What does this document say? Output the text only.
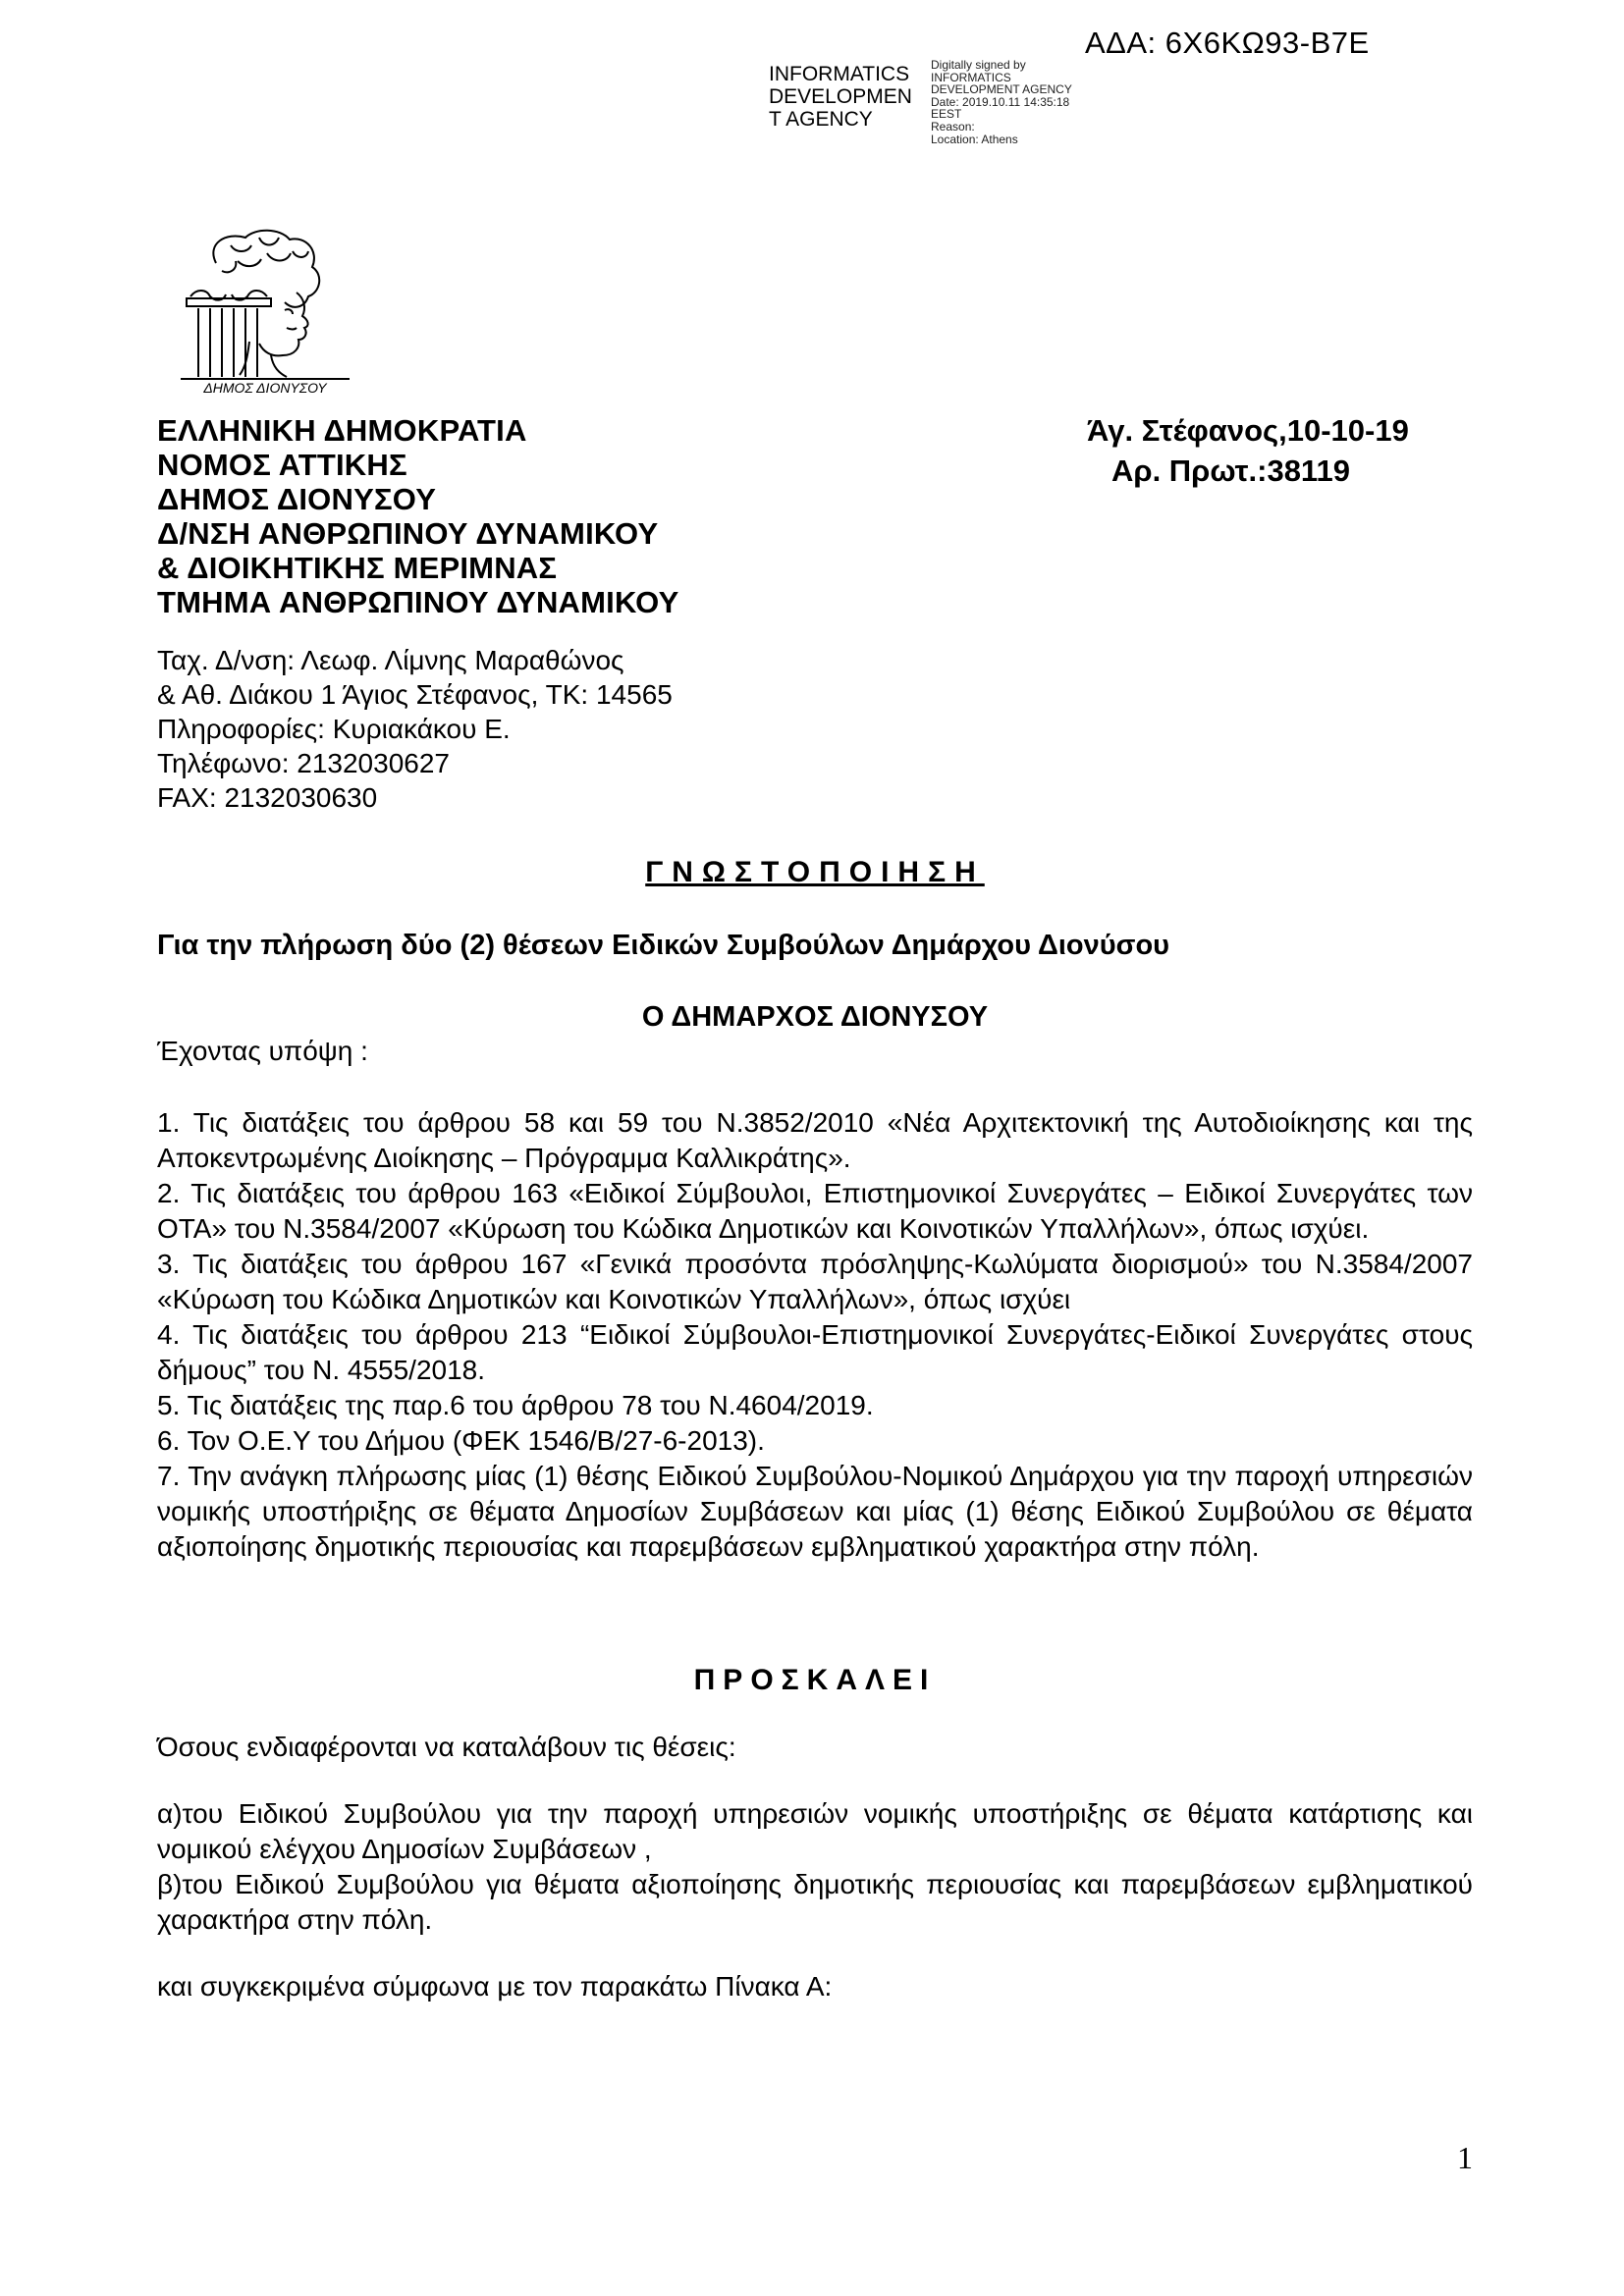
ΑΔΑ: 6Χ6ΚΩ93-Β7Ε
INFORMATICS
DEVELOPMEN
T AGENCY
Digitally signed by
INFORMATICS
DEVELOPMENT AGENCY
Date: 2019.10.11 14:35:18
EEST
Reason:
Location: Athens
ΔΗΜΟΣ ΔΙΟΝΥΣΟΥ
ΕΛΛΗΝΙΚΗ ΔΗΜΟΚΡΑΤΙΑ
ΝΟΜΟΣ ΑΤΤΙΚΗΣ
ΔΗΜΟΣ ΔΙΟΝΥΣΟΥ
Δ/ΝΣΗ ΑΝΘΡΩΠΙΝΟΥ ΔΥΝΑΜΙΚΟΥ
& ΔΙΟΙΚΗΤΙΚΗΣ ΜΕΡΙΜΝΑΣ
ΤΜΗΜΑ ΑΝΘΡΩΠΙΝΟΥ ΔΥΝΑΜΙΚΟΥ
Ταχ. Δ/νση: Λεωφ. Λίμνης Μαραθώνος
& Αθ. Διάκου 1 Άγιος Στέφανος, ΤΚ: 14565
Πληροφορίες: Κυριακάκου Ε.
Τηλέφωνο: 2132030627
FAX: 2132030630
Άγ. Στέφανος,10-10-19
Αρ. Πρωτ.:38119
ΓΝΩΣΤΟΠΟΙΗΣΗ
Για την πλήρωση δύο (2) θέσεων Ειδικών Συμβούλων Δημάρχου Διονύσου
Ο ΔΗΜΑΡΧΟΣ ΔΙΟΝΥΣΟΥ
Έχοντας υπόψη :

1. Τις διατάξεις του άρθρου 58 και 59 του Ν.3852/2010 «Νέα Αρχιτεκτονική της Αυτοδιοίκησης και της Αποκεντρωμένης Διοίκησης – Πρόγραμμα Καλλικράτης».

2. Τις διατάξεις του άρθρου 163 «Ειδικοί Σύμβουλοι, Επιστημονικοί Συνεργάτες – Ειδικοί Συνεργάτες των ΟΤΑ» του Ν.3584/2007 «Κύρωση του Κώδικα Δημοτικών και Κοινοτικών Υπαλλήλων», όπως ισχύει.

3. Τις διατάξεις του άρθρου 167 «Γενικά προσόντα πρόσληψης-Κωλύματα διορισμού» του Ν.3584/2007 «Κύρωση του Κώδικα Δημοτικών και Κοινοτικών Υπαλλήλων», όπως ισχύει

4. Τις διατάξεις του άρθρου 213 “Ειδικοί Σύμβουλοι-Επιστημονικοί Συνεργάτες-Ειδικοί Συνεργάτες στους δήμους” του Ν. 4555/2018.

5. Τις διατάξεις της παρ.6 του άρθρου 78 του Ν.4604/2019.

6. Τον Ο.Ε.Υ του Δήμου (ΦΕΚ 1546/Β/27-6-2013).

7. Την ανάγκη πλήρωσης μίας (1) θέσης Ειδικού Συμβούλου-Νομικού Δημάρχου για την παροχή υπηρεσιών νομικής υποστήριξης σε θέματα Δημοσίων Συμβάσεων και μίας (1) θέσης Ειδικού Συμβούλου σε θέματα αξιοποίησης δημοτικής περιουσίας και παρεμβάσεων εμβληματικού χαρακτήρα στην πόλη.

ΠΡΟΣΚΑΛΕΙ
Όσους ενδιαφέρονται να καταλάβουν τις θέσεις:

α)του Ειδικού Συμβούλου για την παροχή υπηρεσιών νομικής υποστήριξης σε θέματα κατάρτισης και νομικού ελέγχου Δημοσίων Συμβάσεων ,

β)του Ειδικού Συμβούλου για θέματα αξιοποίησης δημοτικής περιουσίας και παρεμβάσεων εμβληματικού χαρακτήρα στην πόλη.

και συγκεκριμένα σύμφωνα με τον παρακάτω Πίνακα Α:
1
